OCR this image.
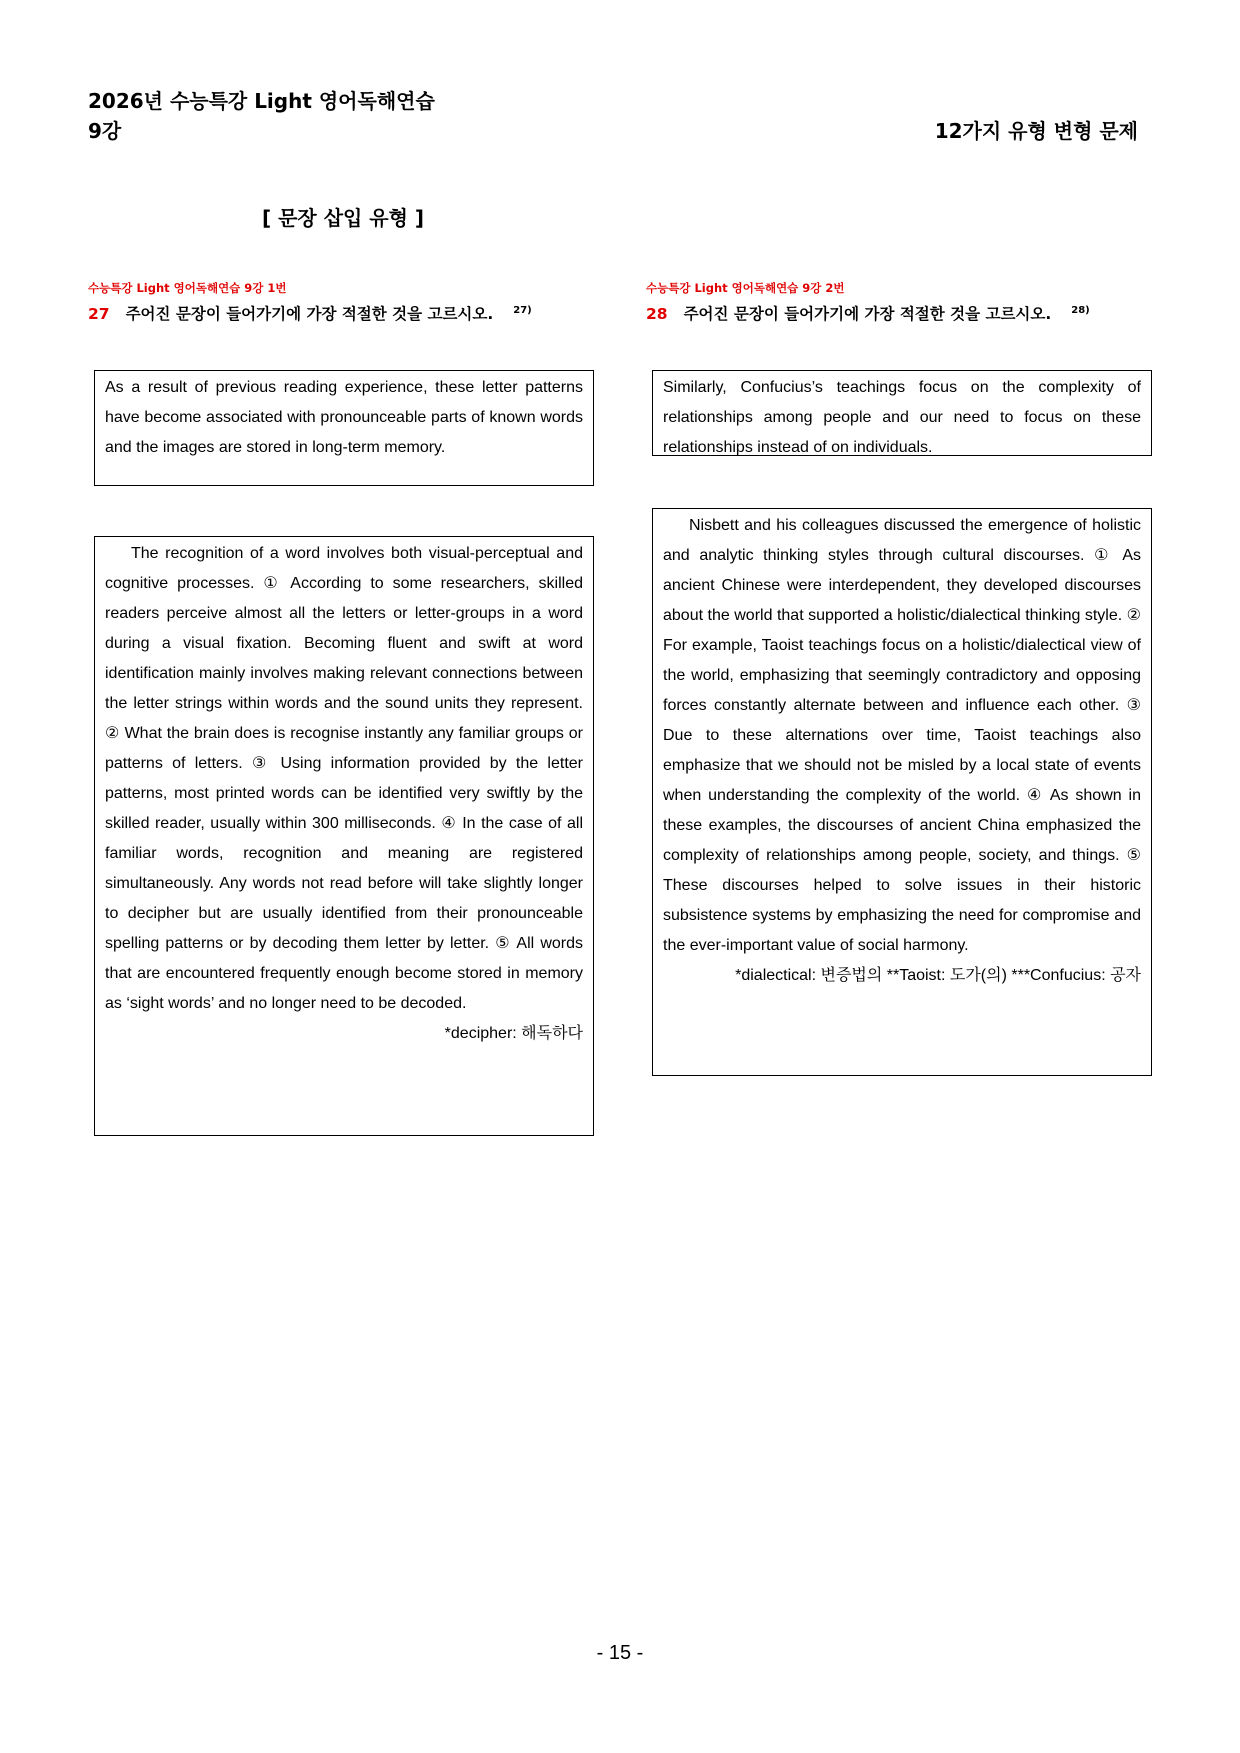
2026년 수능특강 Light 영어독해연습
9강	12가지 유형 변형 문제
[ 문장 삽입 유형 ]
수능특강 Light 영어독해연습 9강 1번
27 주어진 문장이 들어가기에 가장 적절한 것을 고르시오. $^{27)}$

As a result of previous reading experience, these letter patterns have become associated with pronounceable parts of known words and the images are stored in long-term memory.

The recognition of a word involves both visual-perceptual and cognitive processes. ① According to some researchers, skilled readers perceive almost all the letters or letter-groups in a word during a visual fixation. Becoming fluent and swift at word identification mainly involves making relevant connections between the letter strings within words and the sound units they represent. ② What the brain does is recognise instantly any familiar groups or patterns of letters. ③ Using information provided by the letter patterns, most printed words can be identified very swiftly by the skilled reader, usually within 300 milliseconds. ④ In the case of all familiar words, recognition and meaning are registered simultaneously. Any words not read before will take slightly longer to decipher but are usually identified from their pronounceable spelling patterns or by decoding them letter by letter. ⑤ All words that are encountered frequently enough become stored in memory as ‘sight words’ and no longer need to be decoded.

*decipher: 해독하다

수능특강 Light 영어독해연습 9강 2번
28 주어진 문장이 들어가기에 가장 적절한 것을 고르시오. $^{28)}$

Similarly, Confucius’s teachings focus on the complexity of relationships among people and our need to focus on these relationships instead of on individuals.

Nisbett and his colleagues discussed the emergence of holistic and analytic thinking styles through cultural discourses. ① As ancient Chinese were interdependent, they developed discourses about the world that supported a holistic/dialectical thinking style. ② For example, Taoist teachings focus on a holistic/dialectical view of the world, emphasizing that seemingly contradictory and opposing forces constantly alternate between and influence each other. ③ Due to these alternations over time, Taoist teachings also emphasize that we should not be misled by a local state of events when understanding the complexity of the world. ④ As shown in these examples, the discourses of ancient China emphasized the complexity of relationships among people, society, and things. ⑤ These discourses helped to solve issues in their historic subsistence systems by emphasizing the need for compromise and the ever-important value of social harmony.

*dialectical: 변증법의 **Taoist: 도가(의) ***Confucius: 공자

- 15 -
